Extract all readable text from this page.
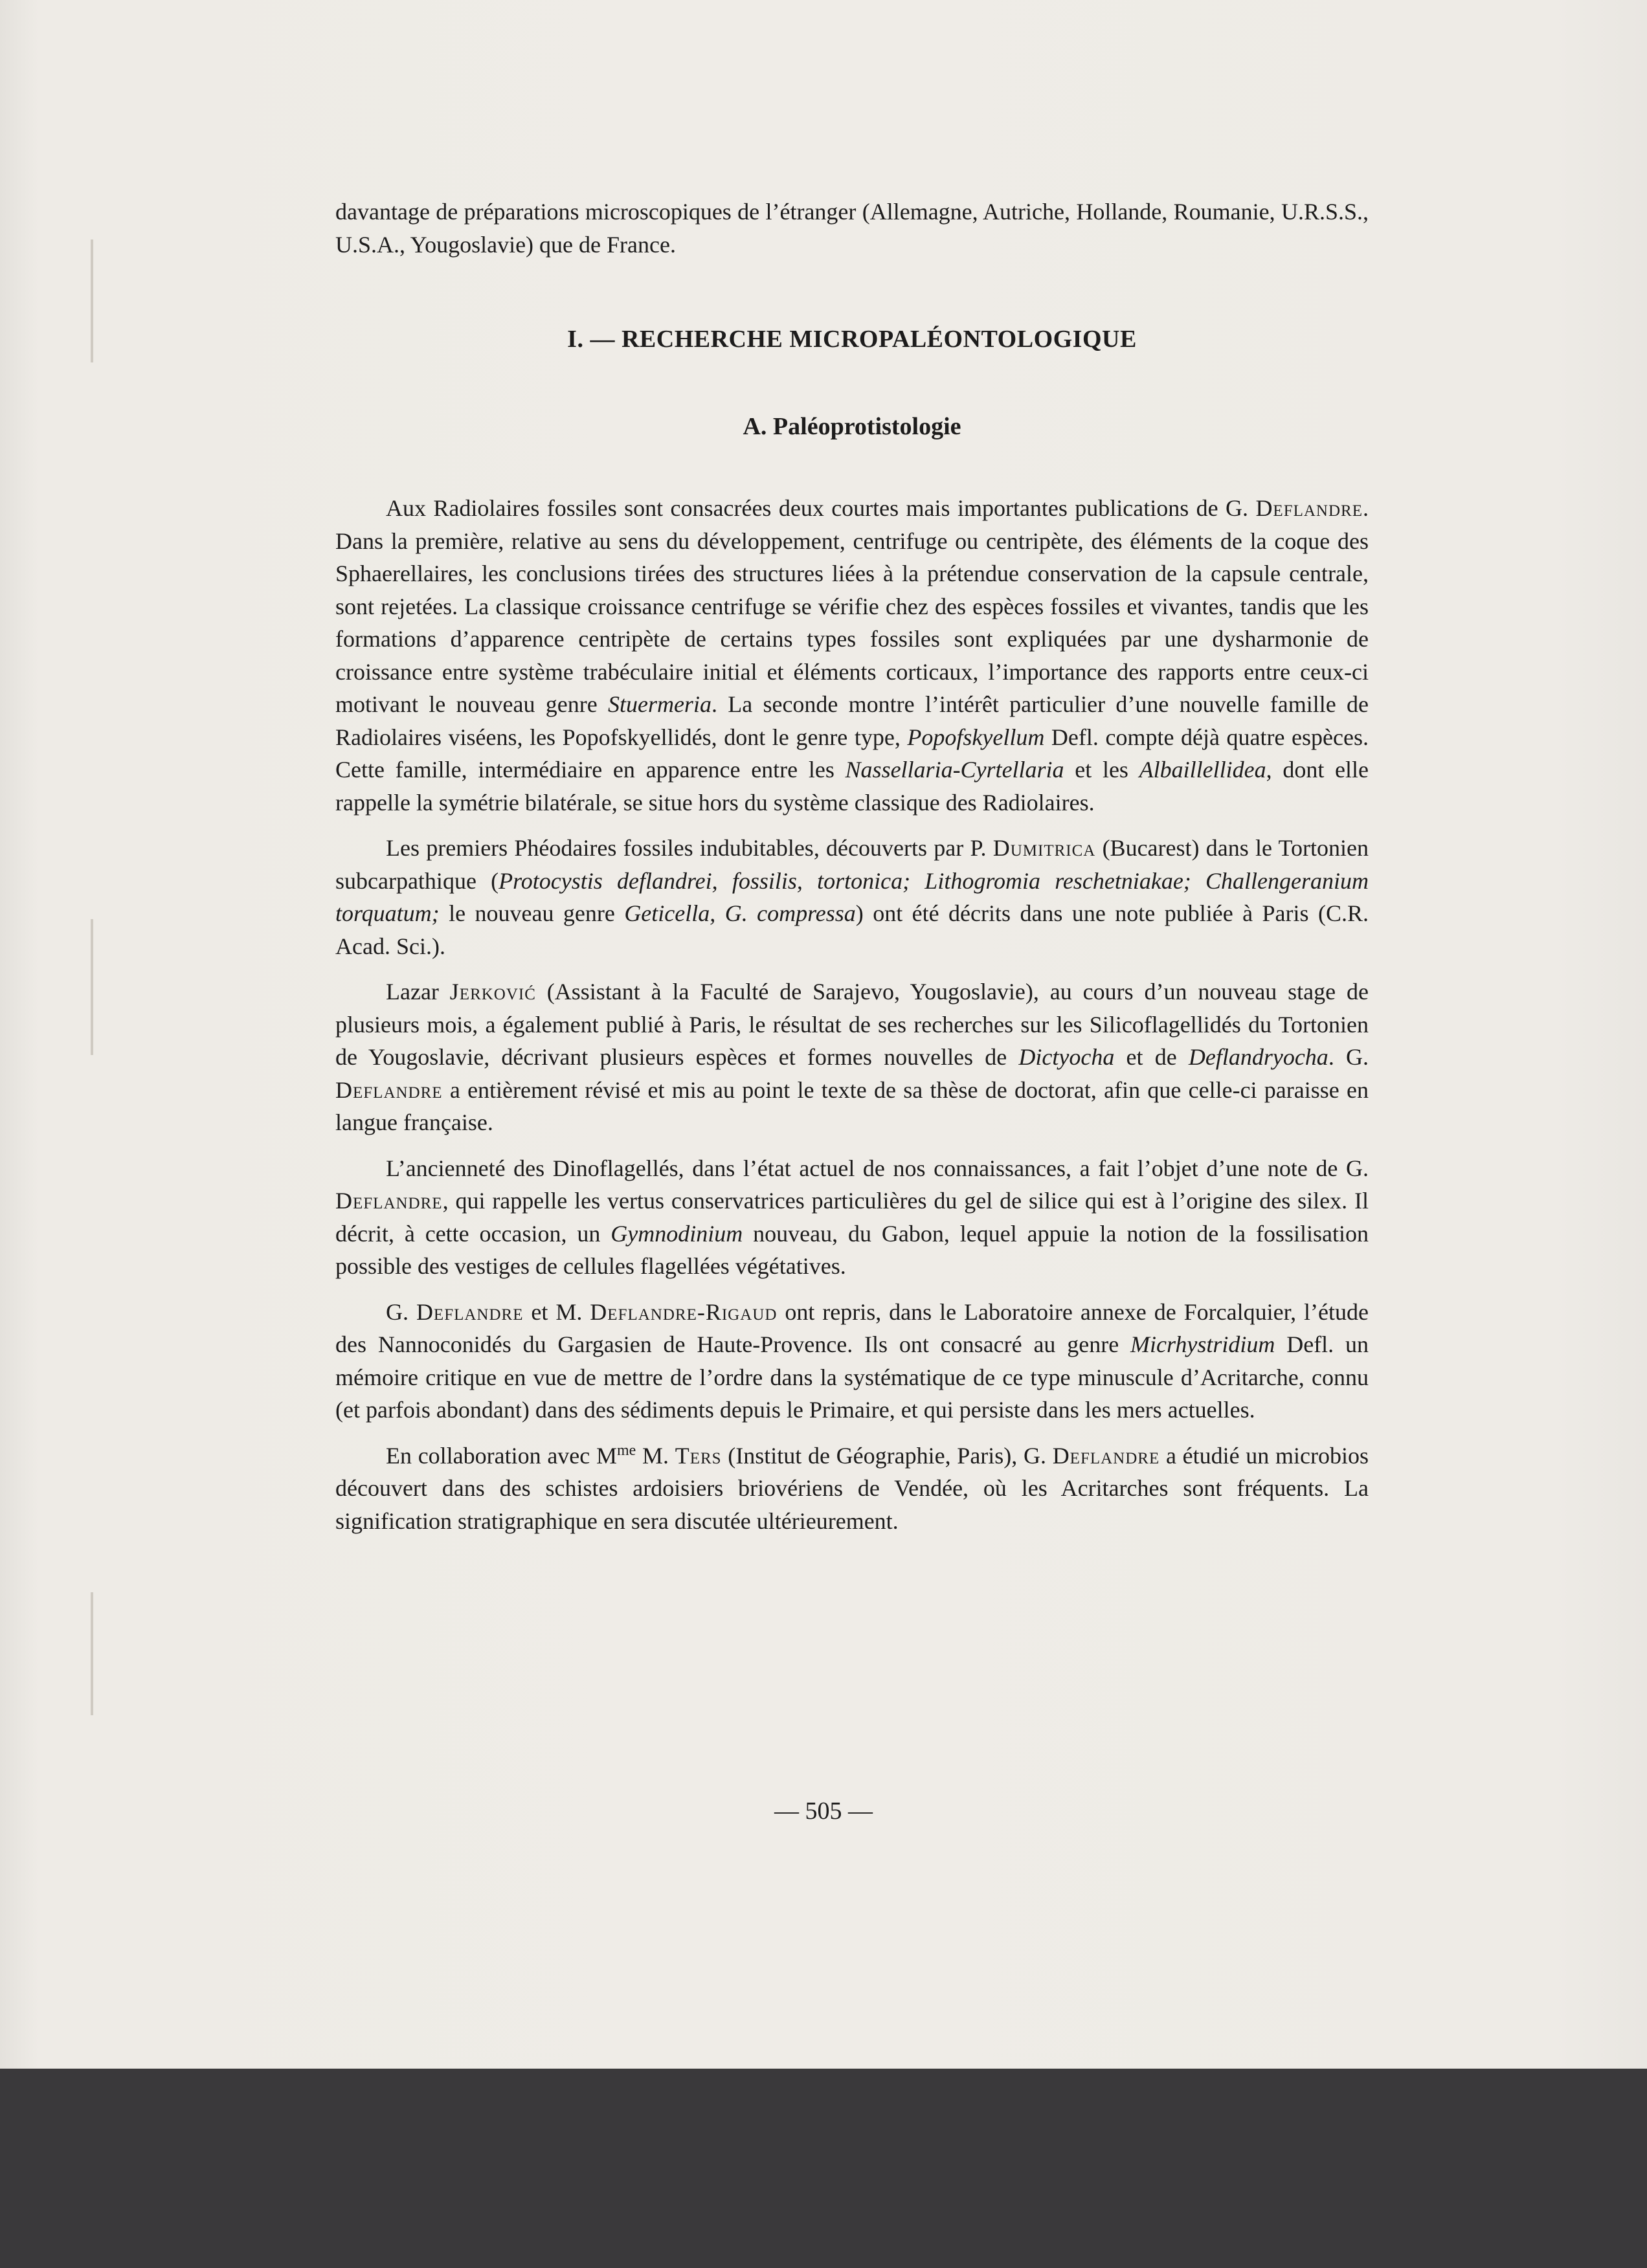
davantage de préparations microscopiques de l’étranger (Allemagne, Autriche, Hollande, Roumanie, U.R.S.S., U.S.A., Yougoslavie) que de France.

I. — RECHERCHE MICROPALÉONTOLOGIQUE
A. Paléoprotistologie

Aux Radiolaires fossiles sont consacrées deux courtes mais importantes publications de G. Deflandre. Dans la première, relative au sens du développement, centrifuge ou centripète, des éléments de la coque des Sphaerellaires, les conclusions tirées des structures liées à la prétendue conservation de la capsule centrale, sont rejetées. La classique croissance centrifuge se vérifie chez des espèces fossiles et vivantes, tandis que les formations d’apparence centripète de certains types fossiles sont expliquées par une dysharmonie de croissance entre système trabéculaire initial et éléments corticaux, l’importance des rapports entre ceux-ci motivant le nouveau genre Stuermeria. La seconde montre l’intérêt particulier d’une nouvelle famille de Radiolaires viséens, les Popofskyellidés, dont le genre type, Popofskyellum Defl. compte déjà quatre espèces. Cette famille, intermédiaire en apparence entre les Nassellaria-Cyrtellaria et les Albaillellidea, dont elle rappelle la symétrie bilatérale, se situe hors du système classique des Radiolaires.

Les premiers Phéodaires fossiles indubitables, découverts par P. Dumitrica (Bucarest) dans le Tortonien subcarpathique (Protocystis deflandrei, fossilis, tortonica; Lithogromia reschetniakae; Challengeranium torquatum; le nouveau genre Geticella, G. compressa) ont été décrits dans une note publiée à Paris (C.R. Acad. Sci.).

Lazar Jerković (Assistant à la Faculté de Sarajevo, Yougoslavie), au cours d’un nouveau stage de plusieurs mois, a également publié à Paris, le résultat de ses recherches sur les Silicoflagellidés du Tortonien de Yougoslavie, décrivant plusieurs espèces et formes nouvelles de Dictyocha et de Deflandryocha. G. Deflandre a entièrement révisé et mis au point le texte de sa thèse de doctorat, afin que celle-ci paraisse en langue française.

L’ancienneté des Dinoflagellés, dans l’état actuel de nos connaissances, a fait l’objet d’une note de G. Deflandre, qui rappelle les vertus conservatrices particulières du gel de silice qui est à l’origine des silex. Il décrit, à cette occasion, un Gymnodinium nouveau, du Gabon, lequel appuie la notion de la fossilisation possible des vestiges de cellules flagellées végétatives.

G. Deflandre et M. Deflandre-Rigaud ont repris, dans le Laboratoire annexe de Forcalquier, l’étude des Nannoconidés du Gargasien de Haute-Provence. Ils ont consacré au genre Micrhystridium Defl. un mémoire critique en vue de mettre de l’ordre dans la systématique de ce type minuscule d’Acritarche, connu (et parfois abondant) dans des sédiments depuis le Primaire, et qui persiste dans les mers actuelles.

En collaboration avec $M^{me}$ M. Ters (Institut de Géographie, Paris), G. Deflandre a étudié un microbios découvert dans des schistes ardoisiers briovériens de Vendée, où les Acritarches sont fréquents. La signification stratigraphique en sera discutée ultérieurement.

— 505 —
